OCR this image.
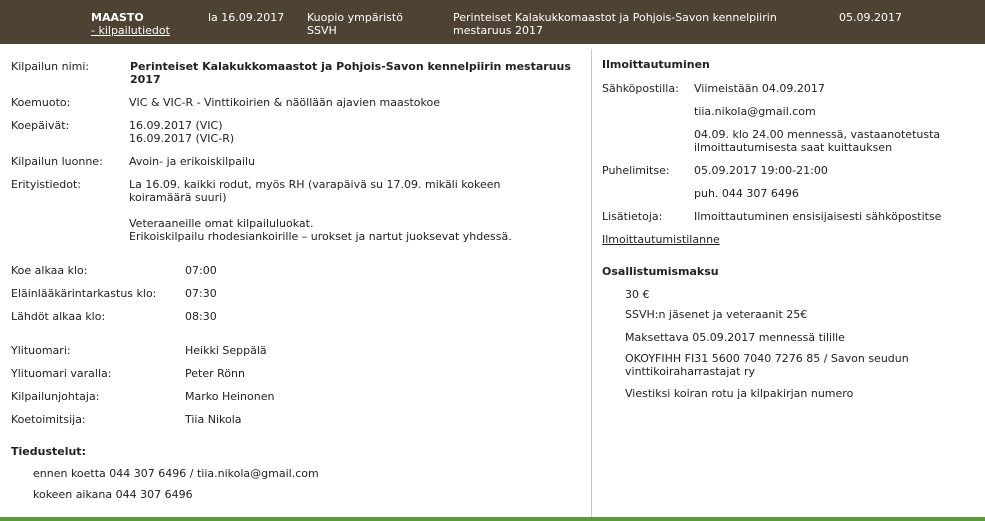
MAASTO
- kilpailutiedot
la 16.09.2017 Kuopio ympäristö
SSVH
Perinteiset Kalakukkomaastot ja Pohjois-Savon kennelpiirin
mestaruus 2017
05.09.2017
Kilpailun nimi:	Perinteiset Kalakukkomaastot ja Pohjois-Savon kennelpiirin mestaruus
2017
Koemuoto:	VIC & VIC-R - Vinttikoirien & näöllään ajavien maastokoe
Koepäivät:	16.09.2017 (VIC)
16.09.2017 (VIC-R)
Kilpailun luonne: Avoin- ja erikoiskilpailu
Erityistiedot:	La 16.09. kaikki rodut, myös RH (varapäivä su 17.09. mikäli kokeen
koiramäärä suuri)
Veteraaneille omat kilpailuluokat.
Erikoiskilpailu rhodesiankoirille – urokset ja nartut juoksevat yhdessä.
Koe alkaa klo:	07:00
Eläinlääkärintarkastus klo:	07:30
Lähdöt alkaa klo:	08:30
Ylituomari:	Heikki Seppälä
Ylituomari varalla:	Peter Rönn
Kilpailunjohtaja:	Marko Heinonen
Koetoimitsija:	Tiia Nikola
Tiedustelut:
ennen koetta 044 307 6496 / tiia.nikola@gmail.com
kokeen aikana 044 307 6496
Ilmoittautuminen
Sähköpostilla: Viimeistään 04.09.2017
tiia.nikola@gmail.com
04.09. klo 24.00 mennessä, vastaanotetusta
ilmoittautumisesta saat kuittauksen
Puhelimitse: 05.09.2017 19:00-21:00
puh. 044 307 6496
Lisätietoja:	Ilmoittautuminen ensisijaisesti sähköpostitse
Ilmoittautumistilanne
Osallistumismaksu
30 €
SSVH:n jäsenet ja veteraanit 25€
Maksettava 05.09.2017 mennessä tilille
OKOYFIHH FI31 5600 7040 7276 85 / Savon seudun
vinttikoiraharrastajat ry
Viestiksi koiran rotu ja kilpakirjan numero
